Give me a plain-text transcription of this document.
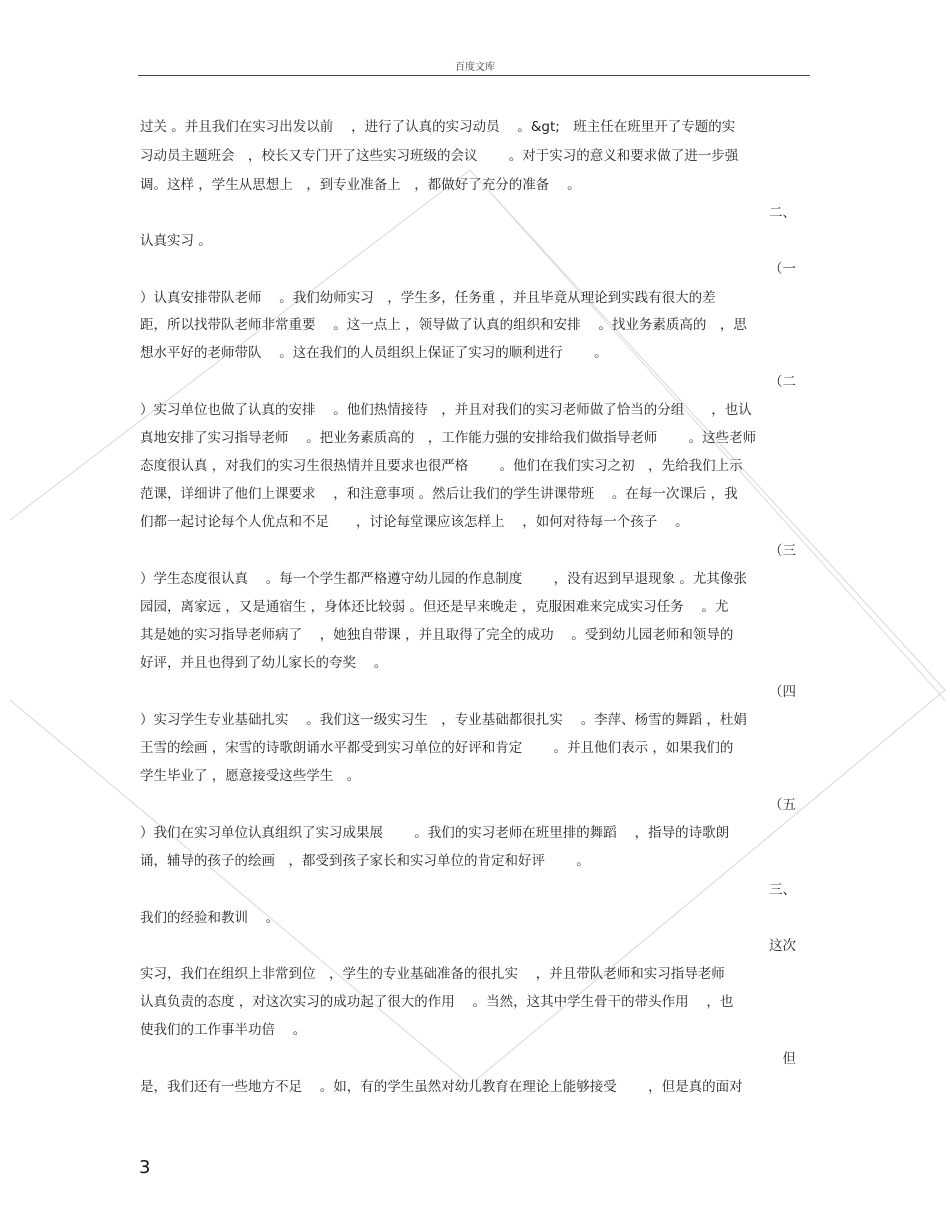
百度文库
过关 。并且我们在实习出发以前　 ，进行了认真的实习动员　 。&gt;　班主任在班里开了专题的实
习动员主题班会　，校长又专门开了这些实习班级的会议　　 。对于实习的意义和要求做了进一步强
调。这样 ，学生从思想上　，到专业准备上　，都做好了充分的准备　 。
二、
认真实习 。
（一
）认真安排带队老师　 。我们幼师实习　，学生多，任务重 ，并且毕竟从理论到实践有很大的差
距，所以找带队老师非常重要　 。这一点上 ，领导做了认真的组织和安排　 。找业务素质高的　，思
想水平好的老师带队　 。这在我们的人员组织上保证了实习的顺利进行　　 。
（二
）实习单位也做了认真的安排　 。他们热情接待　，并且对我们的实习老师做了恰当的分组　　，也认
真地安排了实习指导老师　 。把业务素质高的　，工作能力强的安排给我们做指导老师　　 。这些老师
态度很认真 ，对我们的实习生很热情并且要求也很严格　　 。他们在我们实习之初　，先给我们上示
范课，详细讲了他们上课要求　 ，和注意事项 。然后让我们的学生讲课带班　 。在每一次课后 ，我
们都一起讨论每个人优点和不足　　，讨论每堂课应该怎样上　 ，如何对待每一个孩子　 。
（三
）学生态度很认真　 。每一个学生都严格遵守幼儿园的作息制度　　 ，没有迟到早退现象 。尤其像张
园园，离家远 ，又是通宿生 ，身体还比较弱 。但还是早来晚走 ，克服困难来完成实习任务　 。尤
其是她的实习指导老师病了　 ，她独自带课 ，并且取得了完全的成功　 。受到幼儿园老师和领导的
好评，并且也得到了幼儿家长的夸奖　 。
（四
）实习学生专业基础扎实　 。我们这一级实习生　，专业基础都很扎实　 。李萍、杨雪的舞蹈 ，杜娟
王雪的绘画 ，宋雪的诗歌朗诵水平都受到实习单位的好评和肯定　　 。并且他们表示 ，如果我们的
学生毕业了 ，愿意接受这些学生　。
（五
）我们在实习单位认真组织了实习成果展　　 。我们的实习老师在班里排的舞蹈　 ，指导的诗歌朗
诵，辅导的孩子的绘画　，都受到孩子家长和实习单位的肯定和好评　　 。
三、
我们的经验和教训　 。
这次
实习，我们在组织上非常到位　，学生的专业基础准备的很扎实　 ，并且带队老师和实习指导老师
认真负责的态度 ，对这次实习的成功起了很大的作用　 。当然，这其中学生骨干的带头作用　 ，也
使我们的工作事半功倍　 。
但
是，我们还有一些地方不足　 。如，有的学生虽然对幼儿教育在理论上能够接受　　 ，但是真的面对
3
